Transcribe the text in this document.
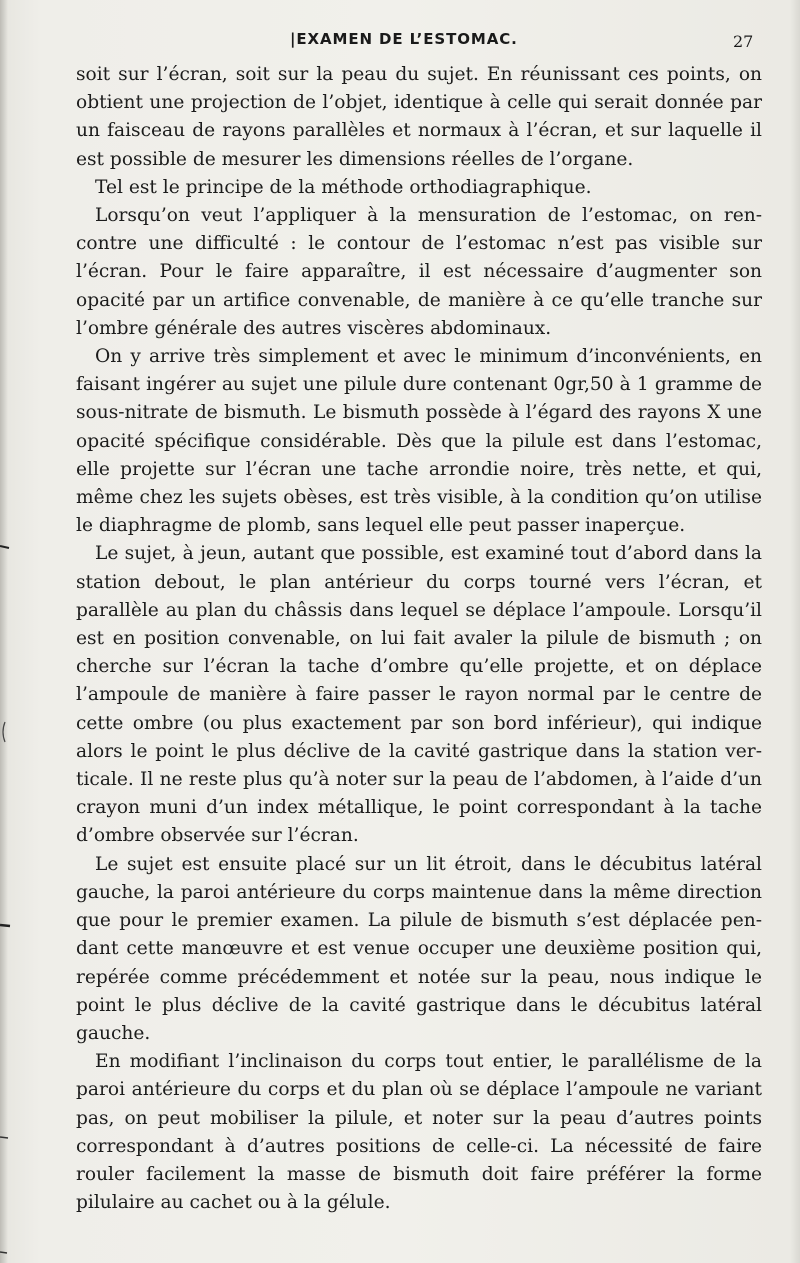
|EXAMEN DE L’ESTOMAC.	27

soit sur l’écran, soit sur la peau du sujet. En réunissant ces points, on obtient une projection de l’objet, identique à celle qui serait donnée par un faisceau de rayons parallèles et normaux à l’écran, et sur laquelle il est possible de mesurer les dimensions réelles de l’organe.

Tel est le principe de la méthode orthodiagraphique.

Lorsqu’on veut l’appliquer à la mensuration de l’estomac, on rencontre une difficulté : le contour de l’estomac n’est pas visible sur l’écran. Pour le faire apparaître, il est nécessaire d’augmenter son opacité par un artifice convenable, de manière à ce qu’elle tranche sur l’ombre générale des autres viscères abdominaux.

On y arrive très simplement et avec le minimum d’inconvénients, en faisant ingérer au sujet une pilule dure contenant 0gr,50 à 1 gramme de sous-nitrate de bismuth. Le bismuth possède à l’égard des rayons X une opacité spécifique considérable. Dès que la pilule est dans l’estomac, elle projette sur l’écran une tache arrondie noire, très nette, et qui, même chez les sujets obèses, est très visible, à la condition qu’on utilise le diaphragme de plomb, sans lequel elle peut passer inaperçue.

Le sujet, à jeun, autant que possible, est examiné tout d’abord dans la station debout, le plan antérieur du corps tourné vers l’écran, et parallèle au plan du châssis dans lequel se déplace l’ampoule. Lorsqu’il est en position convenable, on lui fait avaler la pilule de bismuth ; on cherche sur l’écran la tache d’ombre qu’elle projette, et on déplace l’ampoule de manière à faire passer le rayon normal par le centre de cette ombre (ou plus exactement par son bord inférieur), qui indique alors le point le plus déclive de la cavité gastrique dans la station verticale. Il ne reste plus qu’à noter sur la peau de l’abdomen, à l’aide d’un crayon muni d’un index métallique, le point correspondant à la tache d’ombre observée sur l’écran.

Le sujet est ensuite placé sur un lit étroit, dans le décubitus latéral gauche, la paroi antérieure du corps maintenue dans la même direction que pour le premier examen. La pilule de bismuth s’est déplacée pendant cette manœuvre et est venue occuper une deuxième position qui, repérée comme précédemment et notée sur la peau, nous indique le point le plus déclive de la cavité gastrique dans le décubitus latéral gauche.

En modifiant l’inclinaison du corps tout entier, le parallélisme de la paroi antérieure du corps et du plan où se déplace l’ampoule ne variant pas, on peut mobiliser la pilule, et noter sur la peau d’autres points correspondant à d’autres positions de celle-ci. La nécessité de faire rouler facilement la masse de bismuth doit faire préférer la forme pilulaire au cachet ou à la gélule.
